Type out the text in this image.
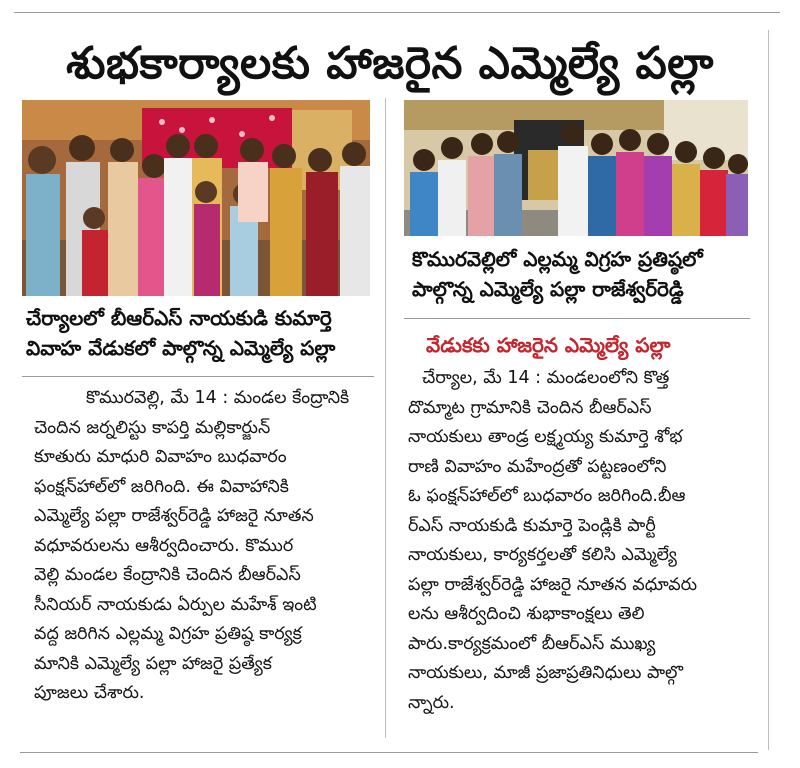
శుభకార్యాలకు హాజరైన ఎమ్మెల్యే పల్లా
చేర్యాలలో బీఆర్ఎస్ నాయకుడి కుమార్తె
వివాహ వేడుకలో పాల్గొన్న ఎమ్మెల్యే పల్లా

కొమురవెల్లి, మే 14 : మండల కేంద్రానికి

చెందిన జర్నలిస్టు కాపర్తి మల్లికార్జున్

కూతురు మాధురి వివాహం బుధవారం

ఫంక్షన్‌హాల్‌లో జరిగింది. ఈ వివాహానికి

ఎమ్మెల్యే పల్లా రాజేశ్వర్‌రెడ్డి హాజరై నూతన

వధూవరులను ఆశీర్వదించారు. కొముర

వెల్లి మండల కేంద్రానికి చెందిన బీఆర్ఎస్

సీనియర్ నాయకుడు ఏర్పుల మహేశ్ ఇంటి

వద్ద జరిగిన ఎల్లమ్మ విగ్రహ ప్రతిష్ఠ కార్యక్ర

మానికి ఎమ్మెల్యే పల్లా హాజరై ప్రత్యేక

పూజలు చేశారు.

కొమురవెల్లిలో ఎల్లమ్మ విగ్రహ ప్రతిష్ఠలో
పాల్గొన్న ఎమ్మెల్యే పల్లా రాజేశ్వర్‌రెడ్డి
వేడుకకు హాజరైన ఎమ్మెల్యే పల్లా

చేర్యాల, మే 14 : మండలంలోని కొత్త

దొమ్మాట గ్రామానికి చెందిన బీఆర్ఎస్

నాయకులు తాండ్ర లక్ష్మయ్య కుమార్తె శోభ

రాణి వివాహం మహేంద్రతో పట్టణంలోని

ఓ ఫంక్షన్‌హాల్‌లో బుధవారం జరిగింది.బీఆ

ర్ఎస్ నాయకుడి కుమార్తె పెండ్లికి పార్టీ

నాయకులు, కార్యకర్తలతో కలిసి ఎమ్మెల్యే

పల్లా రాజేశ్వర్‌రెడ్డి హాజరై నూతన వధూవరు

లను ఆశీర్వదించి శుభాకాంక్షలు తెలి

పారు.కార్యక్రమంలో బీఆర్ఎస్ ముఖ్య

నాయకులు, మాజీ ప్రజాప్రతినిధులు పాల్గొ

న్నారు.
